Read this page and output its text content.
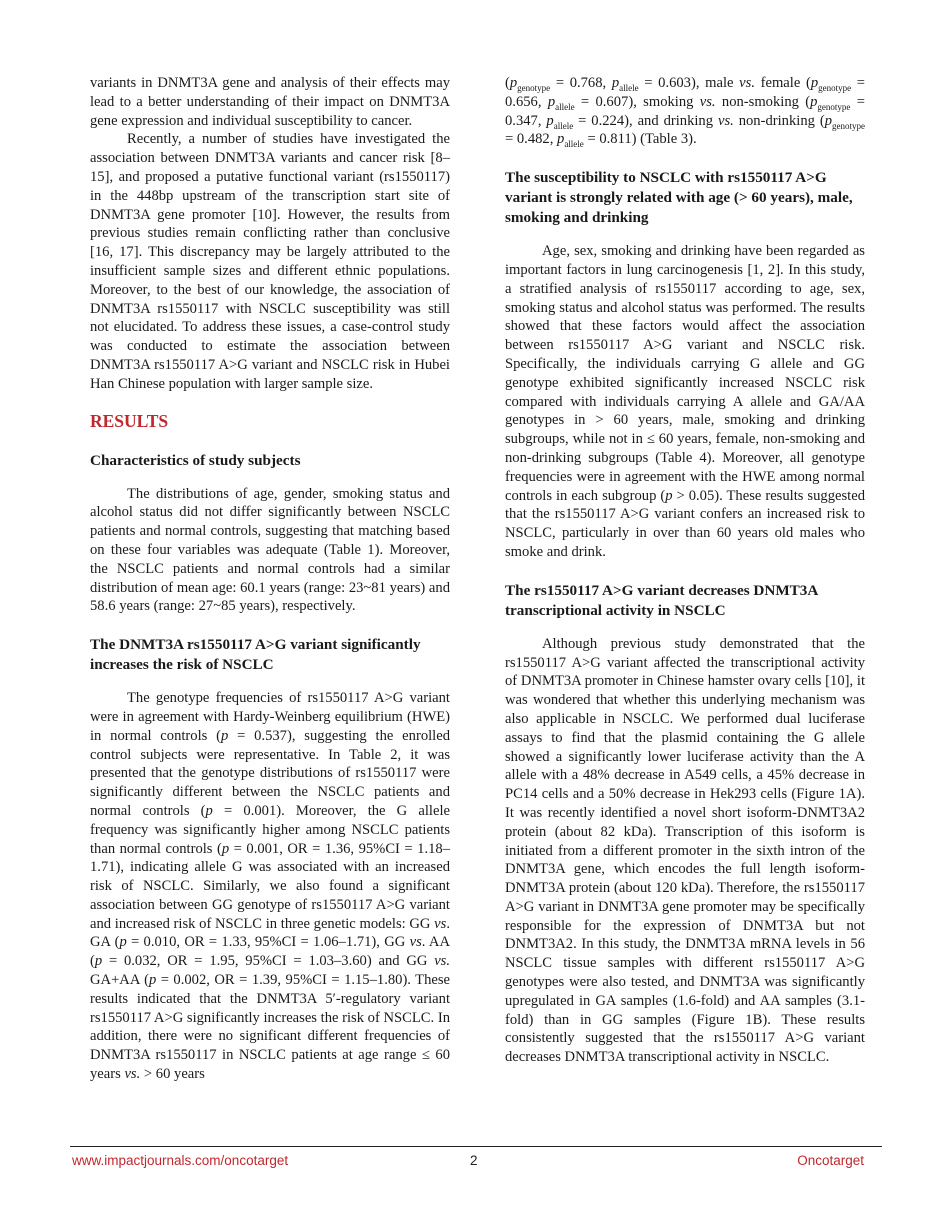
variants in DNMT3A gene and analysis of their effects may lead to a better understanding of their impact on DNMT3A gene expression and individual susceptibility to cancer.

Recently, a number of studies have investigated the association between DNMT3A variants and cancer risk [8–15], and proposed a putative functional variant (rs1550117) in the 448bp upstream of the transcription start site of DNMT3A gene promoter [10]. However, the results from previous studies remain conflicting rather than conclusive [16, 17]. This discrepancy may be largely attributed to the insufficient sample sizes and different ethnic populations. Moreover, to the best of our knowledge, the association of DNMT3A rs1550117 with NSCLC susceptibility was still not elucidated. To address these issues, a case-control study was conducted to estimate the association between DNMT3A rs1550117 A>G variant and NSCLC risk in Hubei Han Chinese population with larger sample size.

RESULTS
Characteristics of study subjects

The distributions of age, gender, smoking status and alcohol status did not differ significantly between NSCLC patients and normal controls, suggesting that matching based on these four variables was adequate (Table 1). Moreover, the NSCLC patients and normal controls had a similar distribution of mean age: 60.1 years (range: 23~81 years) and 58.6 years (range: 27~85 years), respectively.

The DNMT3A rs1550117 A>G variant significantly increases the risk of NSCLC

The genotype frequencies of rs1550117 A>G variant were in agreement with Hardy-Weinberg equilibrium (HWE) in normal controls (p = 0.537), suggesting the enrolled control subjects were representative. In Table 2, it was presented that the genotype distributions of rs1550117 were significantly different between the NSCLC patients and normal controls (p = 0.001). Moreover, the G allele frequency was significantly higher among NSCLC patients than normal controls (p = 0.001, OR = 1.36, 95%CI = 1.18–1.71), indicating allele G was associated with an increased risk of NSCLC. Similarly, we also found a significant association between GG genotype of rs1550117 A>G variant and increased risk of NSCLC in three genetic models: GG vs. GA (p = 0.010, OR = 1.33, 95%CI = 1.06–1.71), GG vs. AA (p = 0.032, OR = 1.95, 95%CI = 1.03–3.60) and GG vs. GA+AA (p = 0.002, OR = 1.39, 95%CI = 1.15–1.80). These results indicated that the DNMT3A 5′-regulatory variant rs1550117 A>G significantly increases the risk of NSCLC. In addition, there were no significant different frequencies of DNMT3A rs1550117 in NSCLC patients at age range ≤ 60 years vs. > 60 years

($p_{genotype} = 0.768$, $p_{allele} = 0.603$), male vs. female ($p_{genotype} = 0.656$, $p_{allele} = 0.607$), smoking vs. non-smoking ($p_{genotype} = 0.347$, $p_{allele} = 0.224$), and drinking vs. non-drinking ($p_{genotype} = 0.482$, $p_{allele} = 0.811$) (Table 3).

The susceptibility to NSCLC with rs1550117 A>G variant is strongly related with age (> 60 years), male, smoking and drinking

Age, sex, smoking and drinking have been regarded as important factors in lung carcinogenesis [1, 2]. In this study, a stratified analysis of rs1550117 according to age, sex, smoking status and alcohol status was performed. The results showed that these factors would affect the association between rs1550117 A>G variant and NSCLC risk. Specifically, the individuals carrying G allele and GG genotype exhibited significantly increased NSCLC risk compared with individuals carrying A allele and GA/AA genotypes in > 60 years, male, smoking and drinking subgroups, while not in ≤ 60 years, female, non-smoking and non-drinking subgroups (Table 4). Moreover, all genotype frequencies were in agreement with the HWE among normal controls in each subgroup (p > 0.05). These results suggested that the rs1550117 A>G variant confers an increased risk to NSCLC, particularly in over than 60 years old males who smoke and drink.

The rs1550117 A>G variant decreases DNMT3A transcriptional activity in NSCLC

Although previous study demonstrated that the rs1550117 A>G variant affected the transcriptional activity of DNMT3A promoter in Chinese hamster ovary cells [10], it was wondered that whether this underlying mechanism was also applicable in NSCLC. We performed dual luciferase assays to find that the plasmid containing the G allele showed a significantly lower luciferase activity than the A allele with a 48% decrease in A549 cells, a 45% decrease in PC14 cells and a 50% decrease in Hek293 cells (Figure 1A). It was recently identified a novel short isoform-DNMT3A2 protein (about 82 kDa). Transcription of this isoform is initiated from a different promoter in the sixth intron of the DNMT3A gene, which encodes the full length isoform-DNMT3A protein (about 120 kDa). Therefore, the rs1550117 A>G variant in DNMT3A gene promoter may be specifically responsible for the expression of DNMT3A but not DNMT3A2. In this study, the DNMT3A mRNA levels in 56 NSCLC tissue samples with different rs1550117 A>G genotypes were also tested, and DNMT3A was significantly upregulated in GA samples (1.6-fold) and AA samples (3.1-fold) than in GG samples (Figure 1B). These results consistently suggested that the rs1550117 A>G variant decreases DNMT3A transcriptional activity in NSCLC.

www.impactjournals.com/oncotarget	2	Oncotarget
